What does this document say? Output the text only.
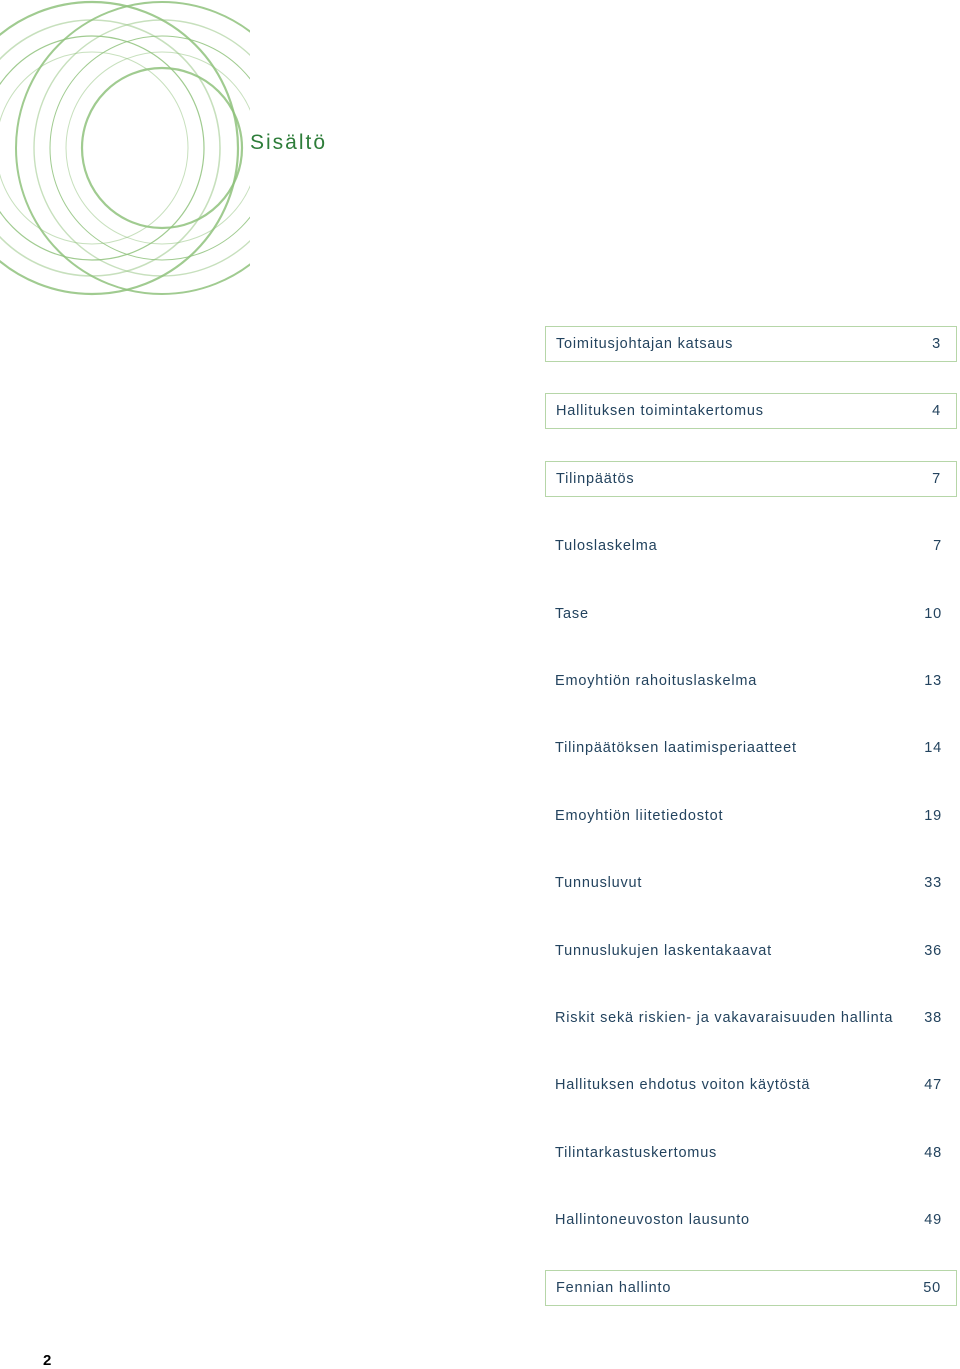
Sisältö
Toimitusjohtajan katsaus	3
Hallituksen toimintakertomus	4
Tilinpäätös	7
Tuloslaskelma	7
Tase	10
Emoyhtiön rahoituslaskelma	13
Tilinpäätöksen laatimisperiaatteet	14
Emoyhtiön liitetiedostot	19
Tunnusluvut	33
Tunnuslukujen laskentakaavat	36
Riskit sekä riskien- ja vakavaraisuuden hallinta 38
Hallituksen ehdotus voiton käytöstä	47
Tilintarkastuskertomus	48
Hallintoneuvoston lausunto	49
Fennian hallinto	50
2
